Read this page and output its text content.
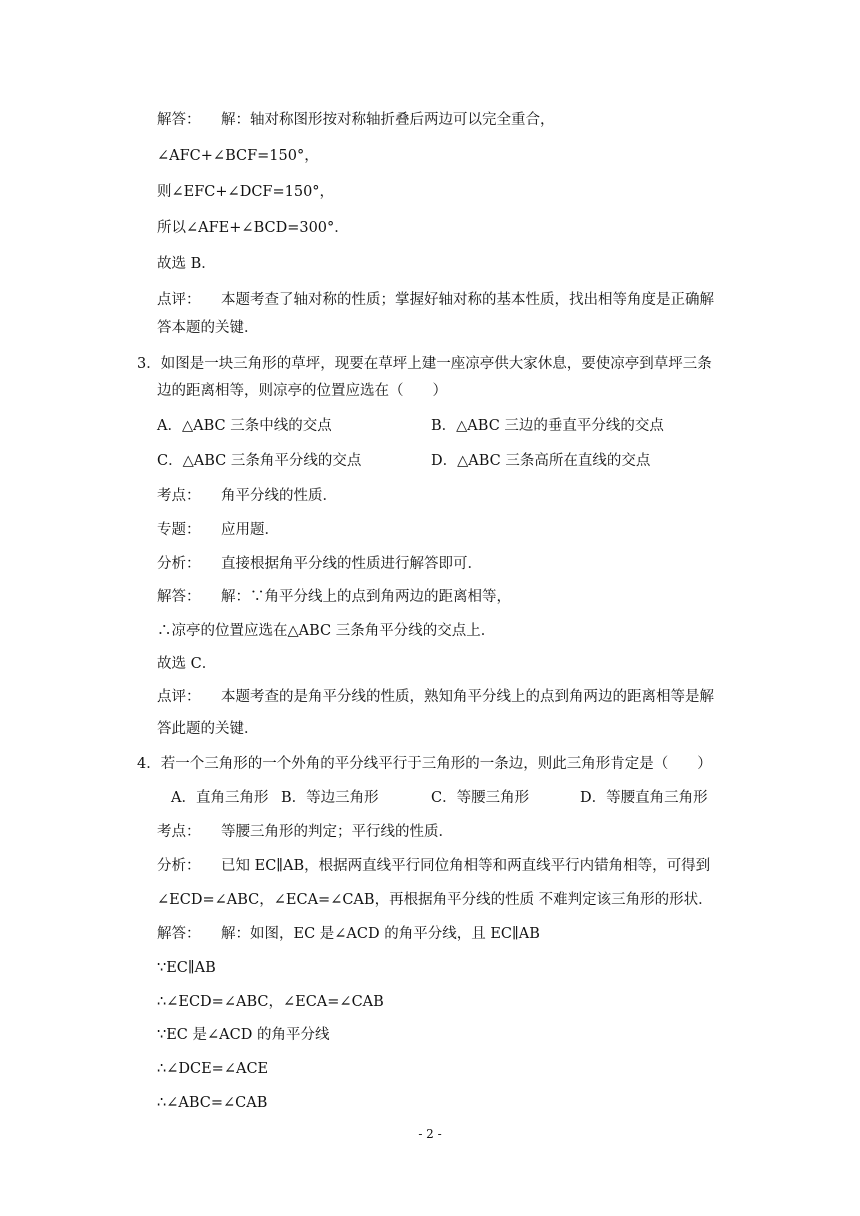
解答： 解：轴对称图形按对称轴折叠后两边可以完全重合，
∠AFC+∠BCF=150°，
则∠EFC+∠DCF=150°，
所以∠AFE+∠BCD=300°．
故选 B．
点评： 本题考查了轴对称的性质；掌握好轴对称的基本性质，找出相等角度是正确解
答本题的关键．
3．如图是一块三角形的草坪，现要在草坪上建一座凉亭供大家休息，要使凉亭到草坪三条
边的距离相等，则凉亭的位置应选在（　　）
A．△ABC 三条中线的交点	B．△ABC 三边的垂直平分线的交点
C．△ABC 三条角平分线的交点	D．△ABC 三条高所在直线的交点
考点： 角平分线的性质．
专题： 应用题．
分析： 直接根据角平分线的性质进行解答即可．
解答： 解：∵角平分线上的点到角两边的距离相等，
∴凉亭的位置应选在△ABC 三条角平分线的交点上．
故选 C．
点评： 本题考查的是角平分线的性质，熟知角平分线上的点到角两边的距离相等是解
答此题的关键．
4．若一个三角形的一个外角的平分线平行于三角形的一条边，则此三角形肯定是（　　）
A．直角三角形 B．等边三角形	C．等腰三角形	D．等腰直角三角形
考点： 等腰三角形的判定；平行线的性质．
分析： 已知 EC∥AB，根据两直线平行同位角相等和两直线平行内错角相等，可得到
∠ECD=∠ABC，∠ECA=∠CAB，再根据角平分线的性质 不难判定该三角形的形状．
解答： 解：如图，EC 是∠ACD 的角平分线，且 EC∥AB
∵EC∥AB
∴∠ECD=∠ABC，∠ECA=∠CAB
∵EC 是∠ACD 的角平分线
∴∠DCE=∠ACE
∴∠ABC=∠CAB
- 2 -
